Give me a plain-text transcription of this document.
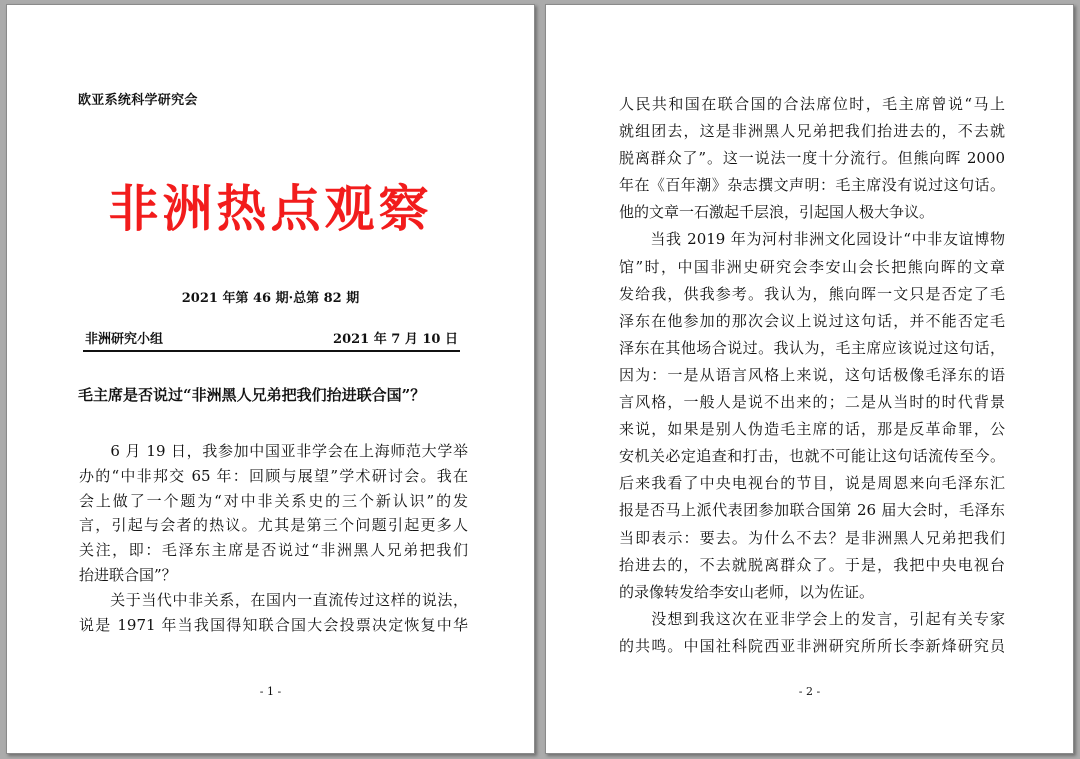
欧亚系统科学研究会
非洲热点观察
2021 年第 46 期·总第 82 期
非洲研究小组	2021 年 7 月 10 日
毛主席是否说过“非洲黑人兄弟把我们抬进联合国”？
　　6 月 19 日，我参加中国亚非学会在上海师范大学举
办的“中非邦交 65 年：回顾与展望”学术研讨会。我在
会上做了一个题为“对中非关系史的三个新认识”的发
言，引起与会者的热议。尤其是第三个问题引起更多人
关注，即：毛泽东主席是否说过“非洲黑人兄弟把我们
抬进联合国”？
　　关于当代中非关系，在国内一直流传过这样的说法，
说是 1971 年当我国得知联合国大会投票决定恢复中华
- 1 -
人民共和国在联合国的合法席位时，毛主席曾说“马上
就组团去，这是非洲黑人兄弟把我们抬进去的，不去就
脱离群众了”。这一说法一度十分流行。但熊向晖 2000
年在《百年潮》杂志撰文声明：毛主席没有说过这句话。
他的文章一石激起千层浪，引起国人极大争议。
　　当我 2019 年为河村非洲文化园设计“中非友谊博物
馆”时，中国非洲史研究会李安山会长把熊向晖的文章
发给我，供我参考。我认为，熊向晖一文只是否定了毛
泽东在他参加的那次会议上说过这句话，并不能否定毛
泽东在其他场合说过。我认为，毛主席应该说过这句话，
因为：一是从语言风格上来说，这句话极像毛泽东的语
言风格，一般人是说不出来的；二是从当时的时代背景
来说，如果是别人伪造毛主席的话，那是反革命罪，公
安机关必定追查和打击，也就不可能让这句话流传至今。
后来我看了中央电视台的节目，说是周恩来向毛泽东汇
报是否马上派代表团参加联合国第 26 届大会时，毛泽东
当即表示：要去。为什么不去？是非洲黑人兄弟把我们
抬进去的，不去就脱离群众了。于是，我把中央电视台
的录像转发给李安山老师，以为佐证。
　　没想到我这次在亚非学会上的发言，引起有关专家
的共鸣。中国社科院西亚非洲研究所所长李新烽研究员
- 2 -
